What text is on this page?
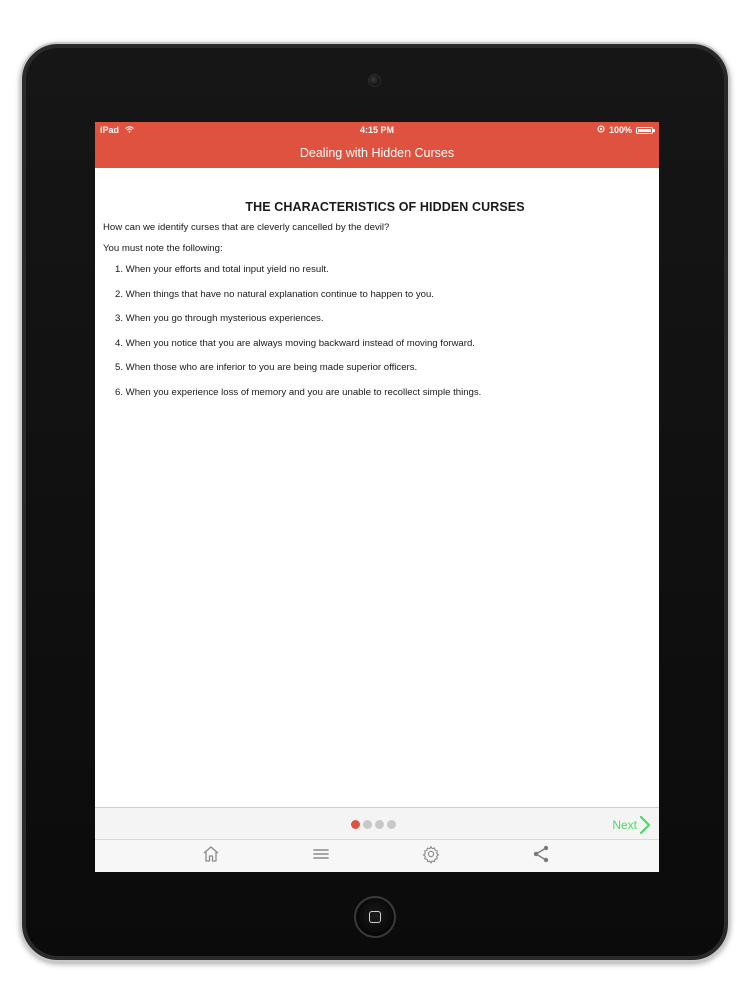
iPad	4:15 PM	100%
Dealing with Hidden Curses
THE CHARACTERISTICS OF HIDDEN CURSES

How can we identify curses that are cleverly cancelled by the devil?

You must note the following:

1. When your efforts and total input yield no result.
2. When things that have no natural explanation continue to happen to you.
3. When you go through mysterious experiences.
4. When you notice that you are always moving backward instead of moving forward.
5. When those who are inferior to you are being made superior officers.
6. When you experience loss of memory and you are unable to recollect simple things.
Next
